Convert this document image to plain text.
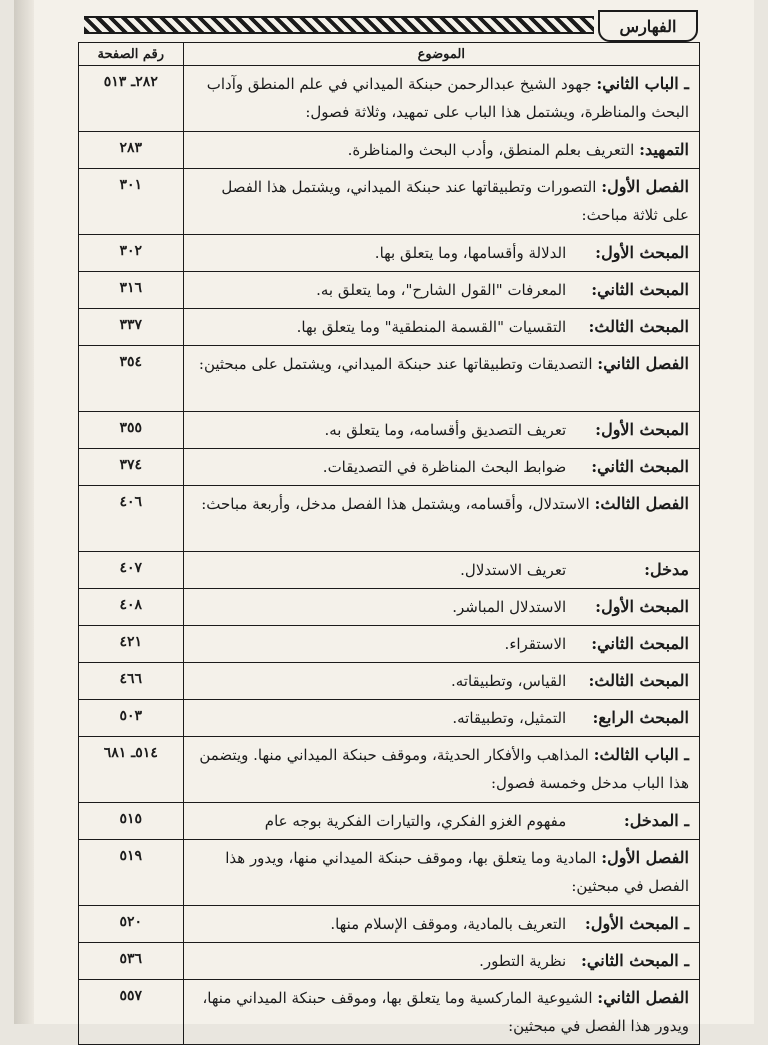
الفهارس
الموضوع	رقم الصفحة
ـ الباب الثاني: جهود الشيخ عبدالرحمن حبنكة الميداني في علم المنطق وآداب البحث والمناظرة، ويشتمل هذا الباب على تمهيد، وثلاثة فصول:	٢٨٢ـ ٥١٣
التمهيد: التعريف بعلم المنطق، وأدب البحث والمناظرة.	٢٨٣
الفصل الأول: التصورات وتطبيقاتها عند حبنكة الميداني، ويشتمل هذا الفصل على ثلاثة مباحث:	٣٠١
المبحث الأول: الدلالة وأقسامها، وما يتعلق بها.	٣٠٢
المبحث الثاني: المعرفات "القول الشارح"، وما يتعلق به.	٣١٦
المبحث الثالث: التقسيات "القسمة المنطقية" وما يتعلق بها.	٣٣٧
الفصل الثاني: التصديقات وتطبيقاتها عند حبنكة الميداني، ويشتمل على مبحثين:	٣٥٤
المبحث الأول: تعريف التصديق وأقسامه، وما يتعلق به.	٣٥٥
المبحث الثاني: ضوابط البحث المناظرة في التصديقات.	٣٧٤
الفصل الثالث: الاستدلال، وأقسامه، ويشتمل هذا الفصل مدخل، وأربعة مباحث:	٤٠٦
مدخل: تعريف الاستدلال.	٤٠٧
المبحث الأول: الاستدلال المباشر.	٤٠٨
المبحث الثاني: الاستقراء.	٤٢١
المبحث الثالث: القياس، وتطبيقاته.	٤٦٦
المبحث الرابع: التمثيل، وتطبيقاته.	٥٠٣
ـ الباب الثالث: المذاهب والأفكار الحديثة، وموقف حبنكة الميداني منها. ويتضمن هذا الباب مدخل وخمسة فصول:	٥١٤ـ ٦٨١
ـ المدخل: مفهوم الغزو الفكري، والتيارات الفكرية بوجه عام	٥١٥
الفصل الأول: المادية وما يتعلق بها، وموقف حبنكة الميداني منها، ويدور هذا الفصل في مبحثين:	٥١٩
ـ المبحث الأول: التعريف بالمادية، وموقف الإسلام منها.	٥٢٠
ـ المبحث الثاني: نظرية التطور.	٥٣٦
الفصل الثاني: الشيوعية الماركسية وما يتعلق بها، وموقف حبنكة الميداني منها، ويدور هذا الفصل في مبحثين:	٥٥٧
